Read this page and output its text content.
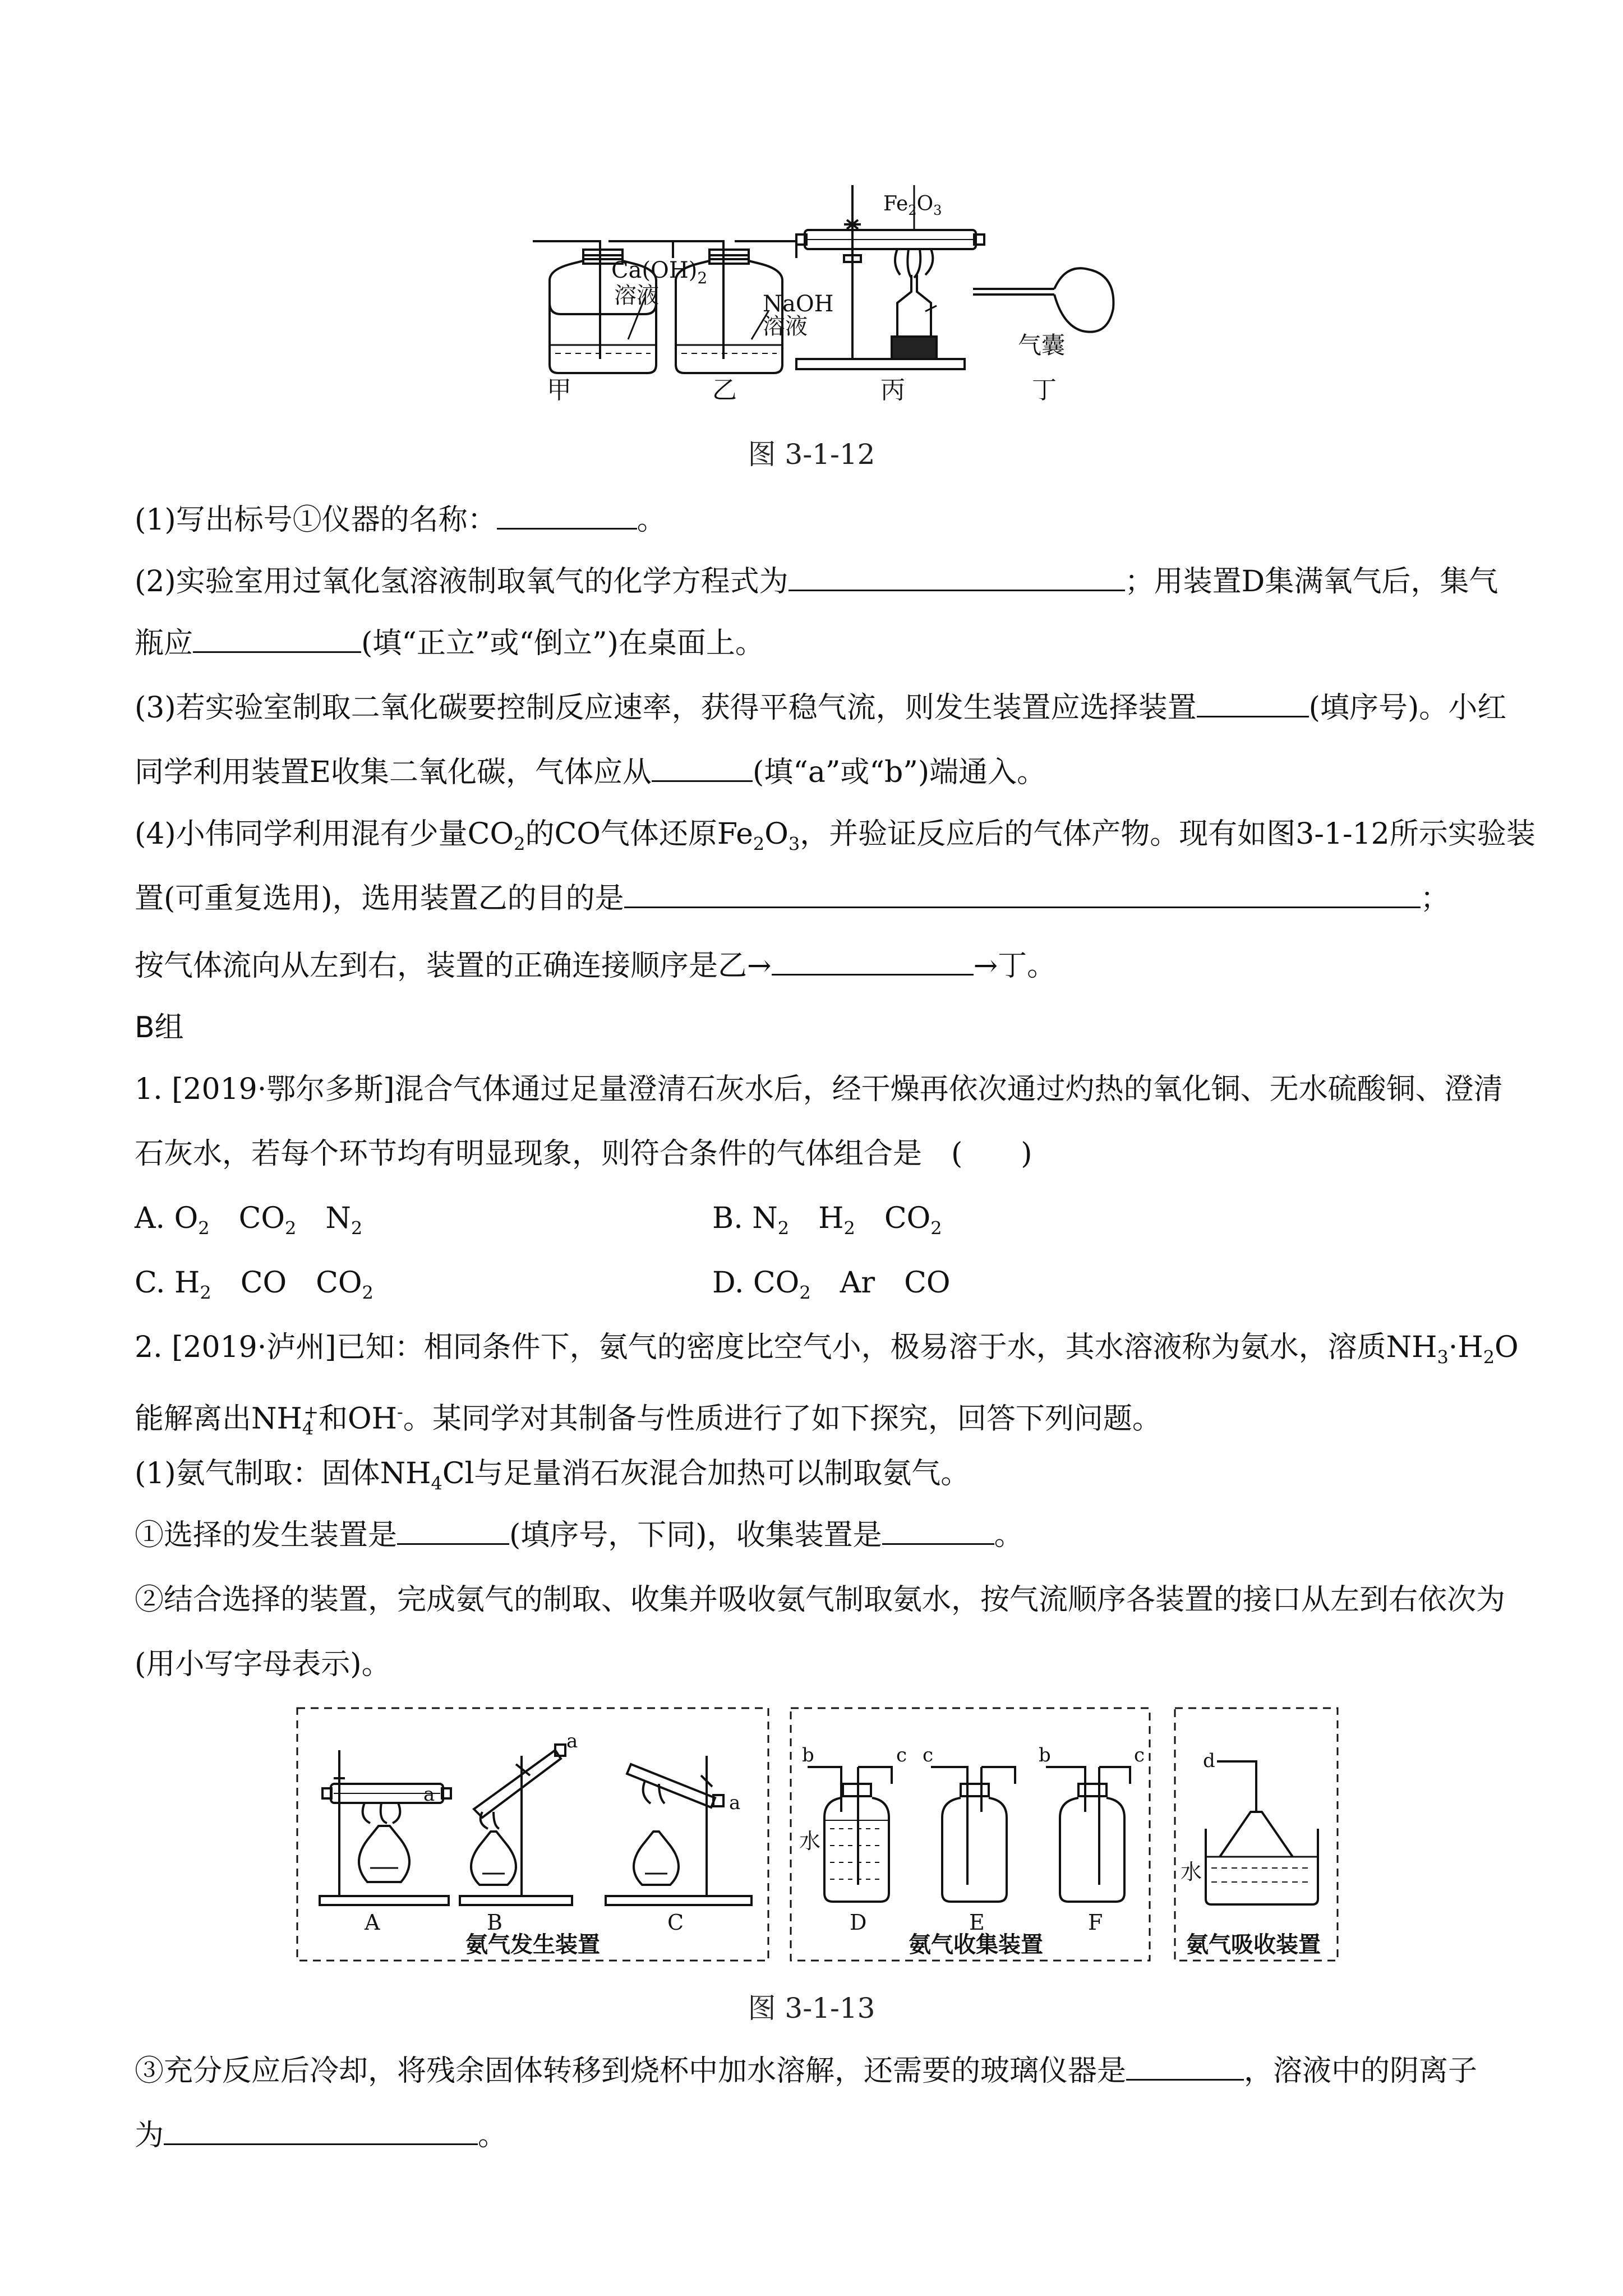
$Ca(OH)_2$
溶液	NaOH
溶液
$Fe_2O_3$
气囊
甲	乙	丙	丁
图 3-1-12
(1)写出标号①仪器的名称：	。
(2)实验室用过氧化氢溶液制取氧气的化学方程式为	；用装置D集满氧气后，集气
瓶应	(填“正立”或“倒立”)在桌面上。
(3)若实验室制取二氧化碳要控制反应速率，获得平稳气流，则发生装置应选择装置	(填序号)。小红
同学利用装置E收集二氧化碳，气体应从	(填“a”或“b”)端通入。
(4)小伟同学利用混有少量$CO_2$的CO气体还原$Fe_2O_3$，并验证反应后的气体产物。现有如图3-1-12所示实验装
置(可重复选用)，选用装置乙的目的是	；
按气体流向从左到右，装置的正确连接顺序是乙→	→丁。
B组
1. [2019·鄂尔多斯]混合气体通过足量澄清石灰水后，经干燥再依次通过灼热的氧化铜、无水硫酸铜、澄清
石灰水，若每个环节均有明显现象，则符合条件的气体组合是　(　　)
A. $O_2$　$CO_2$　$N_2$	B. $N_2$　$H_2$　$CO_2$
C. $H_2$　CO　$CO_2$	D. $CO_2$　Ar　CO
2. [2019·泸州]已知：相同条件下，氨气的密度比空气小，极易溶于水，其水溶液称为氨水，溶质$NH_3\cdot H_2O$
能解离出$NH_4^+$和OH-。某同学对其制备与性质进行了如下探究，回答下列问题。
(1)氨气制取：固体$NH_4Cl$与足量消石灰混合加热可以制取氨气。
①选择的发生装置是	(填序号，下同)，收集装置是	。
②结合选择的装置，完成氨气的制取、收集并吸收氨气制取氨水，按气流顺序各装置的接口从左到右依次为
(用小写字母表示)。
a
a
a
b	c c	b	c	d
水
水
A	B	C	D	E	F
氨气发生装置	氨气收集装置	氨气吸收装置
图 3-1-13
③充分反应后冷却，将残余固体转移到烧杯中加水溶解，还需要的玻璃仪器是	，溶液中的阴离子
为	。
